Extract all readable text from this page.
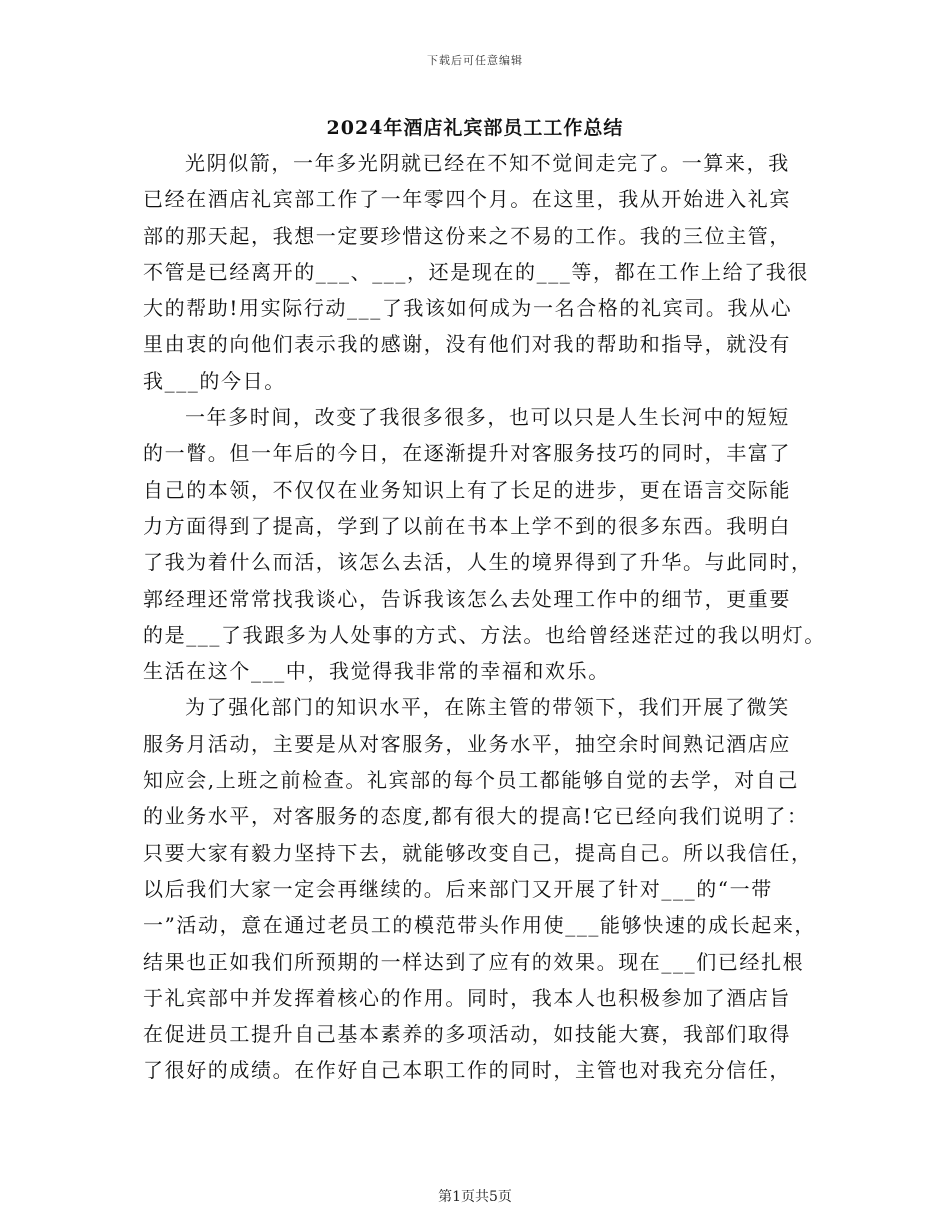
下载后可任意编辑
2024年酒店礼宾部员工工作总结
光阴似箭，一年多光阴就已经在不知不觉间走完了。一算来，我
已经在酒店礼宾部工作了一年零四个月。在这里，我从开始进入礼宾
部的那天起，我想一定要珍惜这份来之不易的工作。我的三位主管，
不管是已经离开的___、___，还是现在的___等，都在工作上给了我很
大的帮助!用实际行动___了我该如何成为一名合格的礼宾司。我从心
里由衷的向他们表示我的感谢，没有他们对我的帮助和指导，就没有
我___的今日。
一年多时间，改变了我很多很多，也可以只是人生长河中的短短
的一瞥。但一年后的今日，在逐渐提升对客服务技巧的同时，丰富了
自己的本领，不仅仅在业务知识上有了长足的进步，更在语言交际能
力方面得到了提高，学到了以前在书本上学不到的很多东西。我明白
了我为着什么而活，该怎么去活，人生的境界得到了升华。与此同时，
郭经理还常常找我谈心，告诉我该怎么去处理工作中的细节，更重要
的是___了我跟多为人处事的方式、方法。也给曾经迷茫过的我以明灯。
生活在这个___中，我觉得我非常的幸福和欢乐。
为了强化部门的知识水平，在陈主管的带领下，我们开展了微笑
服务月活动，主要是从对客服务，业务水平，抽空余时间熟记酒店应
知应会,上班之前检查。礼宾部的每个员工都能够自觉的去学，对自己
的业务水平，对客服务的态度,都有很大的提高!它已经向我们说明了：
只要大家有毅力坚持下去，就能够改变自己，提高自己。所以我信任，
以后我们大家一定会再继续的。后来部门又开展了针对___的“一带
一”活动，意在通过老员工的模范带头作用使___能够快速的成长起来，
结果也正如我们所预期的一样达到了应有的效果。现在___们已经扎根
于礼宾部中并发挥着核心的作用。同时，我本人也积极参加了酒店旨
在促进员工提升自己基本素养的多项活动，如技能大赛，我部们取得
了很好的成绩。在作好自己本职工作的同时，主管也对我充分信任，
第1页共5页
